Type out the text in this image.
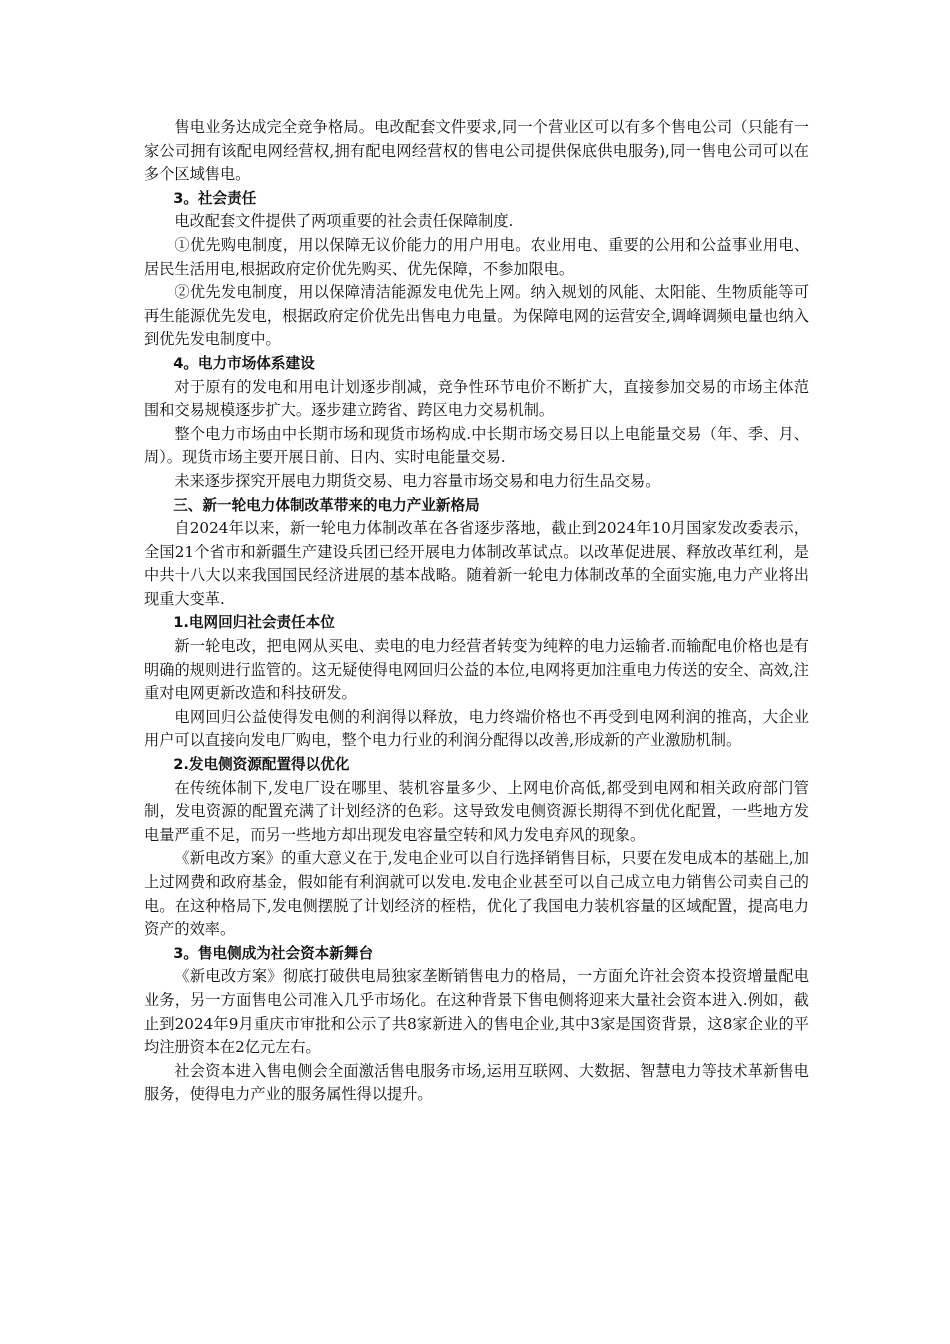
售电业务达成完全竞争格局。电改配套文件要求,同一个营业区可以有多个售电公司（只能有一家公司拥有该配电网经营权,拥有配电网经营权的售电公司提供保底供电服务),同一售电公司可以在多个区域售电。

3。社会责任

电改配套文件提供了两项重要的社会责任保障制度.

①优先购电制度，用以保障无议价能力的用户用电。农业用电、重要的公用和公益事业用电、居民生活用电,根据政府定价优先购买、优先保障，不参加限电。

②优先发电制度，用以保障清洁能源发电优先上网。纳入规划的风能、太阳能、生物质能等可再生能源优先发电，根据政府定价优先出售电力电量。为保障电网的运营安全,调峰调频电量也纳入到优先发电制度中。

4。电力市场体系建设

对于原有的发电和用电计划逐步削减，竞争性环节电价不断扩大，直接参加交易的市场主体范围和交易规模逐步扩大。逐步建立跨省、跨区电力交易机制。

整个电力市场由中长期市场和现货市场构成.中长期市场交易日以上电能量交易（年、季、月、周）。现货市场主要开展日前、日内、实时电能量交易.

未来逐步探究开展电力期货交易、电力容量市场交易和电力衍生品交易。

三、新一轮电力体制改革带来的电力产业新格局

自2024年以来，新一轮电力体制改革在各省逐步落地，截止到2024年10月国家发改委表示，全国21个省市和新疆生产建设兵团已经开展电力体制改革试点。以改革促进展、释放改革红利，是中共十八大以来我国国民经济进展的基本战略。随着新一轮电力体制改革的全面实施,电力产业将出现重大变革.

1.电网回归社会责任本位

新一轮电改，把电网从买电、卖电的电力经营者转变为纯粹的电力运输者.而输配电价格也是有明确的规则进行监管的。这无疑使得电网回归公益的本位,电网将更加注重电力传送的安全、高效,注重对电网更新改造和科技研发。

电网回归公益使得发电侧的利润得以释放，电力终端价格也不再受到电网利润的推高，大企业用户可以直接向发电厂购电，整个电力行业的利润分配得以改善,形成新的产业激励机制。

2.发电侧资源配置得以优化

在传统体制下,发电厂设在哪里、装机容量多少、上网电价高低,都受到电网和相关政府部门管制，发电资源的配置充满了计划经济的色彩。这导致发电侧资源长期得不到优化配置，一些地方发电量严重不足，而另一些地方却出现发电容量空转和风力发电弃风的现象。

《新电改方案》的重大意义在于,发电企业可以自行选择销售目标，只要在发电成本的基础上,加上过网费和政府基金，假如能有利润就可以发电.发电企业甚至可以自己成立电力销售公司卖自己的电。在这种格局下,发电侧摆脱了计划经济的桎梏，优化了我国电力装机容量的区域配置，提高电力资产的效率。

3。售电侧成为社会资本新舞台

《新电改方案》彻底打破供电局独家垄断销售电力的格局，一方面允许社会资本投资增量配电业务，另一方面售电公司准入几乎市场化。在这种背景下售电侧将迎来大量社会资本进入.例如，截止到2024年9月重庆市审批和公示了共8家新进入的售电企业,其中3家是国资背景，这8家企业的平均注册资本在2亿元左右。

社会资本进入售电侧会全面激活售电服务市场,运用互联网、大数据、智慧电力等技术革新售电服务，使得电力产业的服务属性得以提升。
